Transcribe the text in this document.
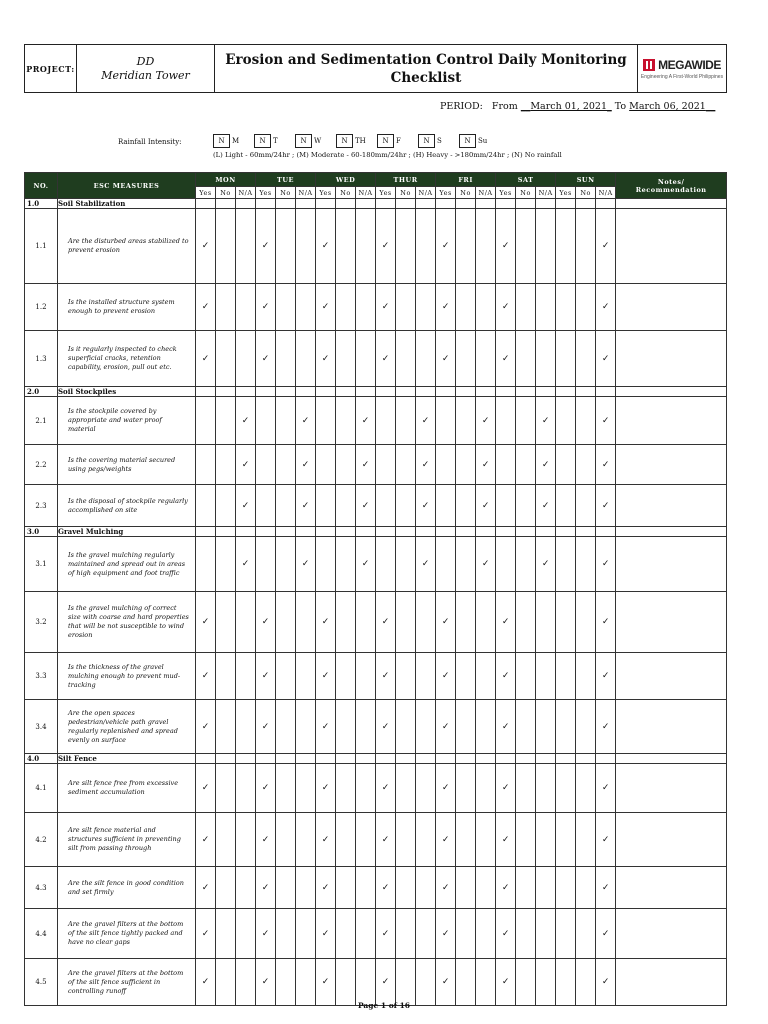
PROJECT:
DD
Meridian Tower
Erosion and Sedimentation Control Daily Monitoring
Checklist
MEGAWIDE
Engineering A First-World Philippines
PERIOD: From __March 01, 2021_ To March 06, 2021__
Rainfall Intensity:	N	M	N	T	N	W	N	TH	N	F	N	S	N	Su
(L) Light - 60mm/24hr ; (M) Moderate - 60-180mm/24hr ; (H) Heavy - >180mm/24hr ; (N) No rainfall
NO.	ESC MEASURES	MON			TUE			WED			THUR			FRI			SAT			SUN			Notes/
Recommendation

		Yes	No	N/A	Yes	No	N/A	Yes	No	N/A	Yes	No	N/A	Yes	No	N/A	Yes	No	N/A	Yes	No	N/A	
1.0	Soil Stabilization																						
1.1	Are the disturbed areas stabilized to prevent erosion	✓			✓			✓			✓			✓			✓					✓	
1.2	Is the installed structure system enough to prevent erosion	✓			✓			✓			✓			✓			✓					✓	
1.3	Is it regularly inspected to check superficial cracks, retention capability, erosion, pull out etc.	✓			✓			✓			✓			✓			✓					✓	
2.0	Soil Stockpiles																						
2.1	Is the stockpile covered by appropriate and water proof material			✓			✓			✓			✓			✓			✓			✓	
2.2	Is the covering material secured using pegs/weights			✓			✓			✓			✓			✓			✓			✓	
2.3	Is the disposal of stockpile regularly accomplished on site			✓			✓			✓			✓			✓			✓			✓	
3.0	Gravel Mulching																						
3.1	Is the gravel mulching regularly maintained and spread out in areas of high equipment and foot traffic			✓			✓			✓			✓			✓			✓			✓	
3.2	Is the gravel mulching of correct size with coarse and hard properties that will be not susceptible to wind erosion	✓			✓			✓			✓			✓			✓					✓	
3.3	Is the thickness of the gravel mulching enough to prevent mud-tracking	✓			✓			✓			✓			✓			✓					✓	
3.4	Are the open spaces pedestrian/vehicle path gravel regularly replenished and spread evenly on surface	✓			✓			✓			✓			✓			✓					✓	
4.0	Silt Fence																						
4.1	Are silt fence free from excessive sediment accumulation	✓			✓			✓			✓			✓			✓					✓	
4.2	Are silt fence material and structures sufficient in preventing silt from passing through	✓			✓			✓			✓			✓			✓					✓	
4.3	Are the silt fence in good condition and set firmly	✓			✓			✓			✓			✓			✓					✓	
4.4	Are the gravel filters at the bottom of the silt fence tightly packed and have no clear gaps	✓			✓			✓			✓			✓			✓					✓	
4.5	Are the gravel filters at the bottom of the silt fence sufficient in controlling runoff	✓			✓			✓			✓			✓			✓					✓	
Page 1 of 16
